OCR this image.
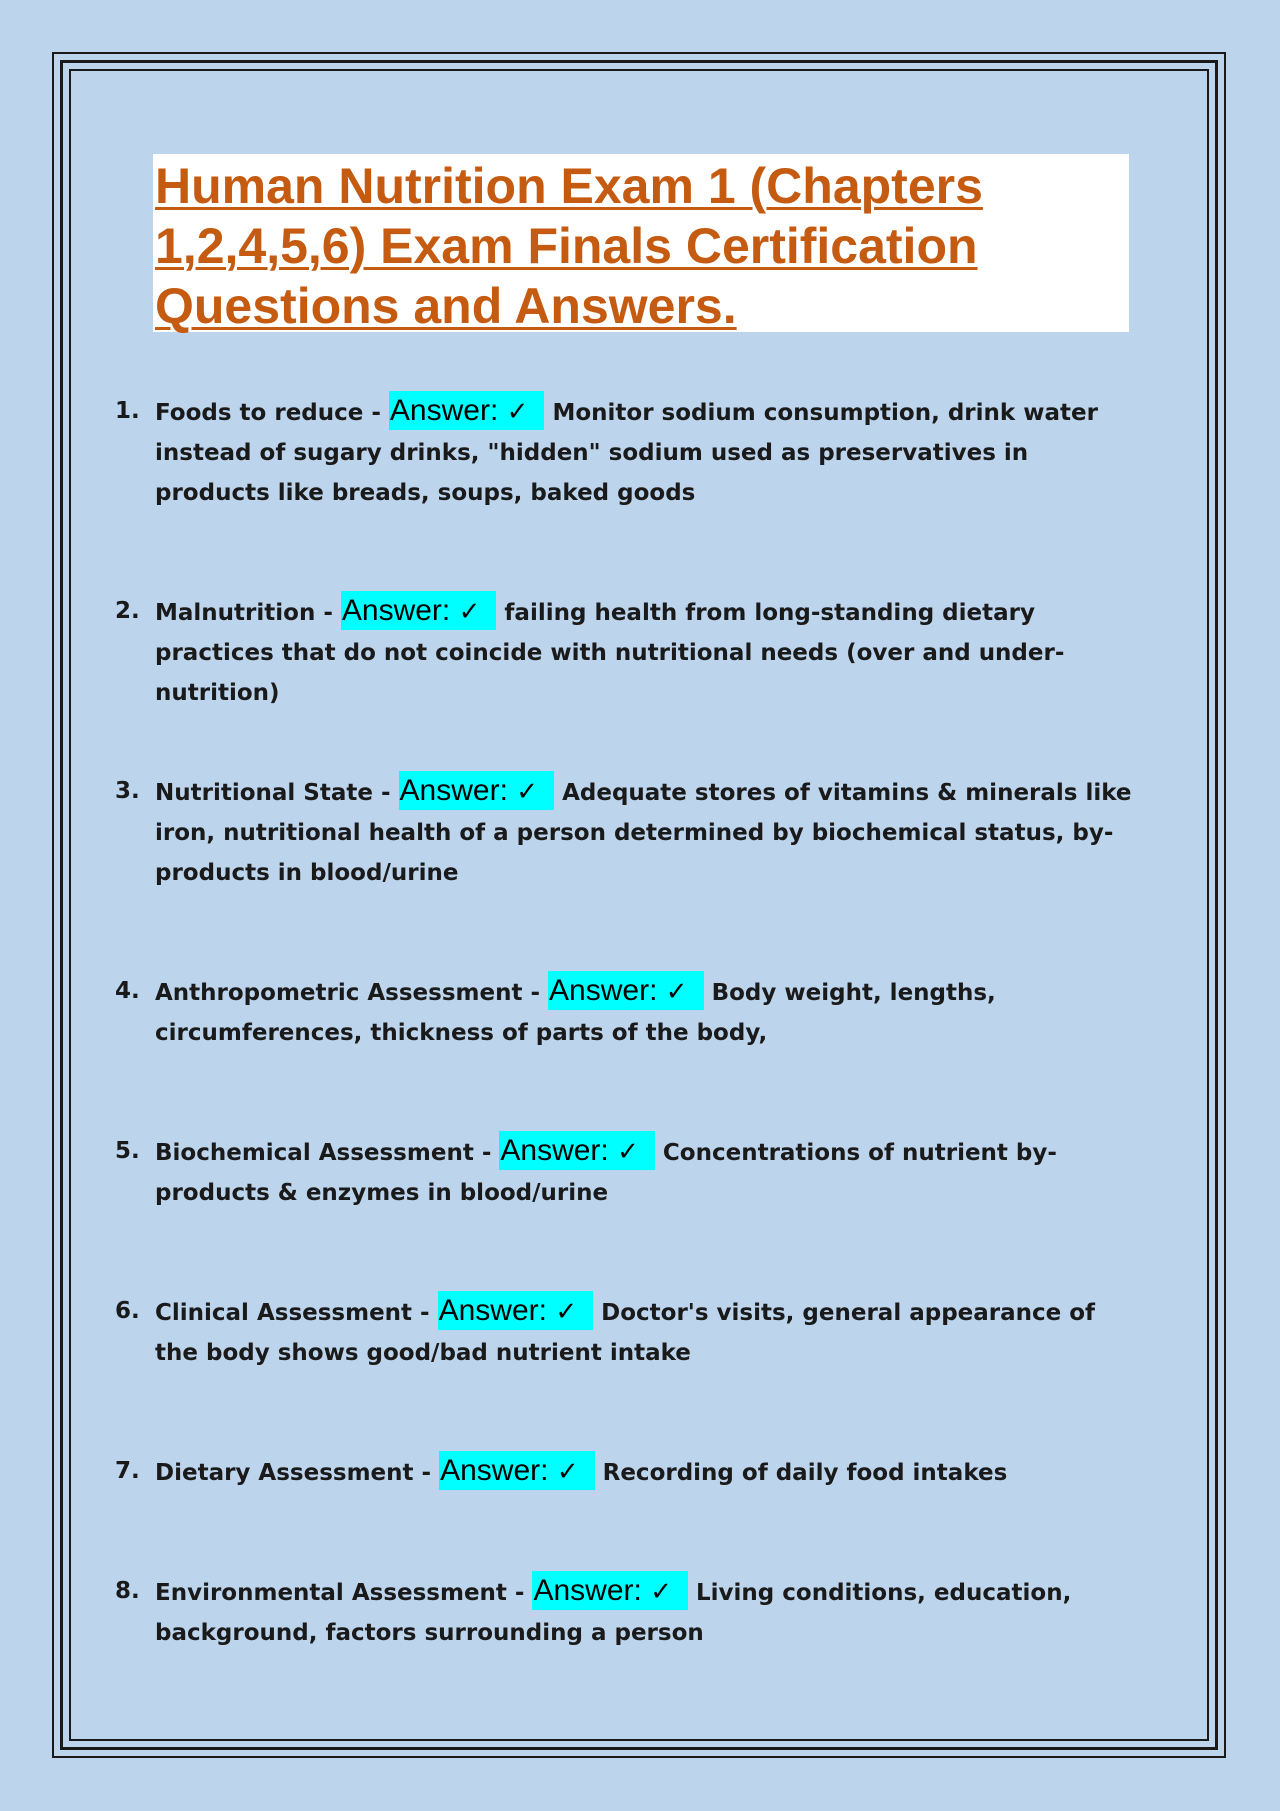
Human Nutrition Exam 1 (Chapters 1,2,4,5,6) Exam Finals Certification Questions and Answers.
1. Foods to reduce - Answer: ✓ Monitor sodium consumption, drink water instead of sugary drinks, "hidden" sodium used as preservatives in products like breads, soups, baked goods
2. Malnutrition - Answer: ✓ failing health from long-standing dietary practices that do not coincide with nutritional needs (over and under-nutrition)
3. Nutritional State - Answer: ✓ Adequate stores of vitamins & minerals like iron, nutritional health of a person determined by biochemical status, by-products in blood/urine
4. Anthropometric Assessment - Answer: ✓ Body weight, lengths, circumferences, thickness of parts of the body,
5. Biochemical Assessment - Answer: ✓ Concentrations of nutrient by-products & enzymes in blood/urine
6. Clinical Assessment - Answer: ✓ Doctor's visits, general appearance of the body shows good/bad nutrient intake
7. Dietary Assessment - Answer: ✓ Recording of daily food intakes
8. Environmental Assessment - Answer: ✓ Living conditions, education, background, factors surrounding a person
